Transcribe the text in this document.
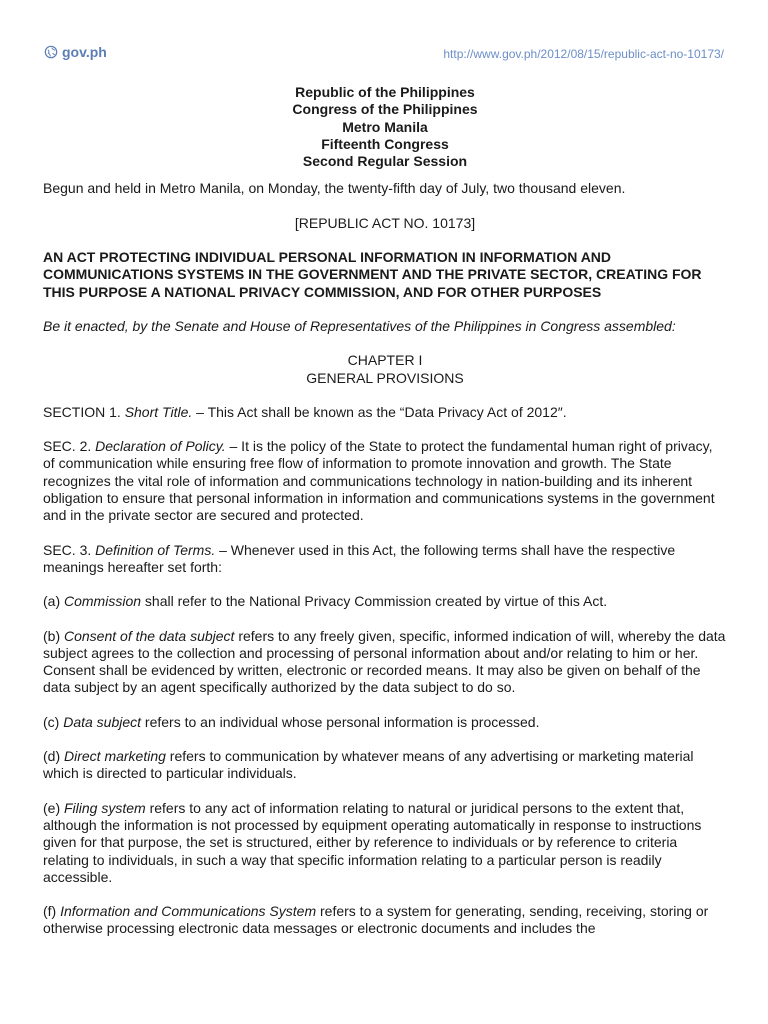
gov.ph	http://www.gov.ph/2012/08/15/republic-act-no-10173/
Republic of the Philippines
Congress of the Philippines
Metro Manila
Fifteenth Congress
Second Regular Session

Begun and held in Metro Manila, on Monday, the twenty-fifth day of July, two thousand eleven.

[REPUBLIC ACT NO. 10173]

AN ACT PROTECTING INDIVIDUAL PERSONAL INFORMATION IN INFORMATION AND COMMUNICATIONS SYSTEMS IN THE GOVERNMENT AND THE PRIVATE SECTOR, CREATING FOR THIS PURPOSE A NATIONAL PRIVACY COMMISSION, AND FOR OTHER PURPOSES

Be it enacted, by the Senate and House of Representatives of the Philippines in Congress assembled:

CHAPTER I
GENERAL PROVISIONS

SECTION 1. Short Title. – This Act shall be known as the “Data Privacy Act of 2012″.

SEC. 2. Declaration of Policy. – It is the policy of the State to protect the fundamental human right of privacy, of communication while ensuring free flow of information to promote innovation and growth. The State recognizes the vital role of information and communications technology in nation-building and its inherent obligation to ensure that personal information in information and communications systems in the government and in the private sector are secured and protected.

SEC. 3. Definition of Terms. – Whenever used in this Act, the following terms shall have the respective meanings hereafter set forth:

(a) Commission shall refer to the National Privacy Commission created by virtue of this Act.

(b) Consent of the data subject refers to any freely given, specific, informed indication of will, whereby the data subject agrees to the collection and processing of personal information about and/or relating to him or her. Consent shall be evidenced by written, electronic or recorded means. It may also be given on behalf of the data subject by an agent specifically authorized by the data subject to do so.

(c) Data subject refers to an individual whose personal information is processed.

(d) Direct marketing refers to communication by whatever means of any advertising or marketing material which is directed to particular individuals.

(e) Filing system refers to any act of information relating to natural or juridical persons to the extent that, although the information is not processed by equipment operating automatically in response to instructions given for that purpose, the set is structured, either by reference to individuals or by reference to criteria relating to individuals, in such a way that specific information relating to a particular person is readily accessible.

(f) Information and Communications System refers to a system for generating, sending, receiving, storing or otherwise processing electronic data messages or electronic documents and includes the
